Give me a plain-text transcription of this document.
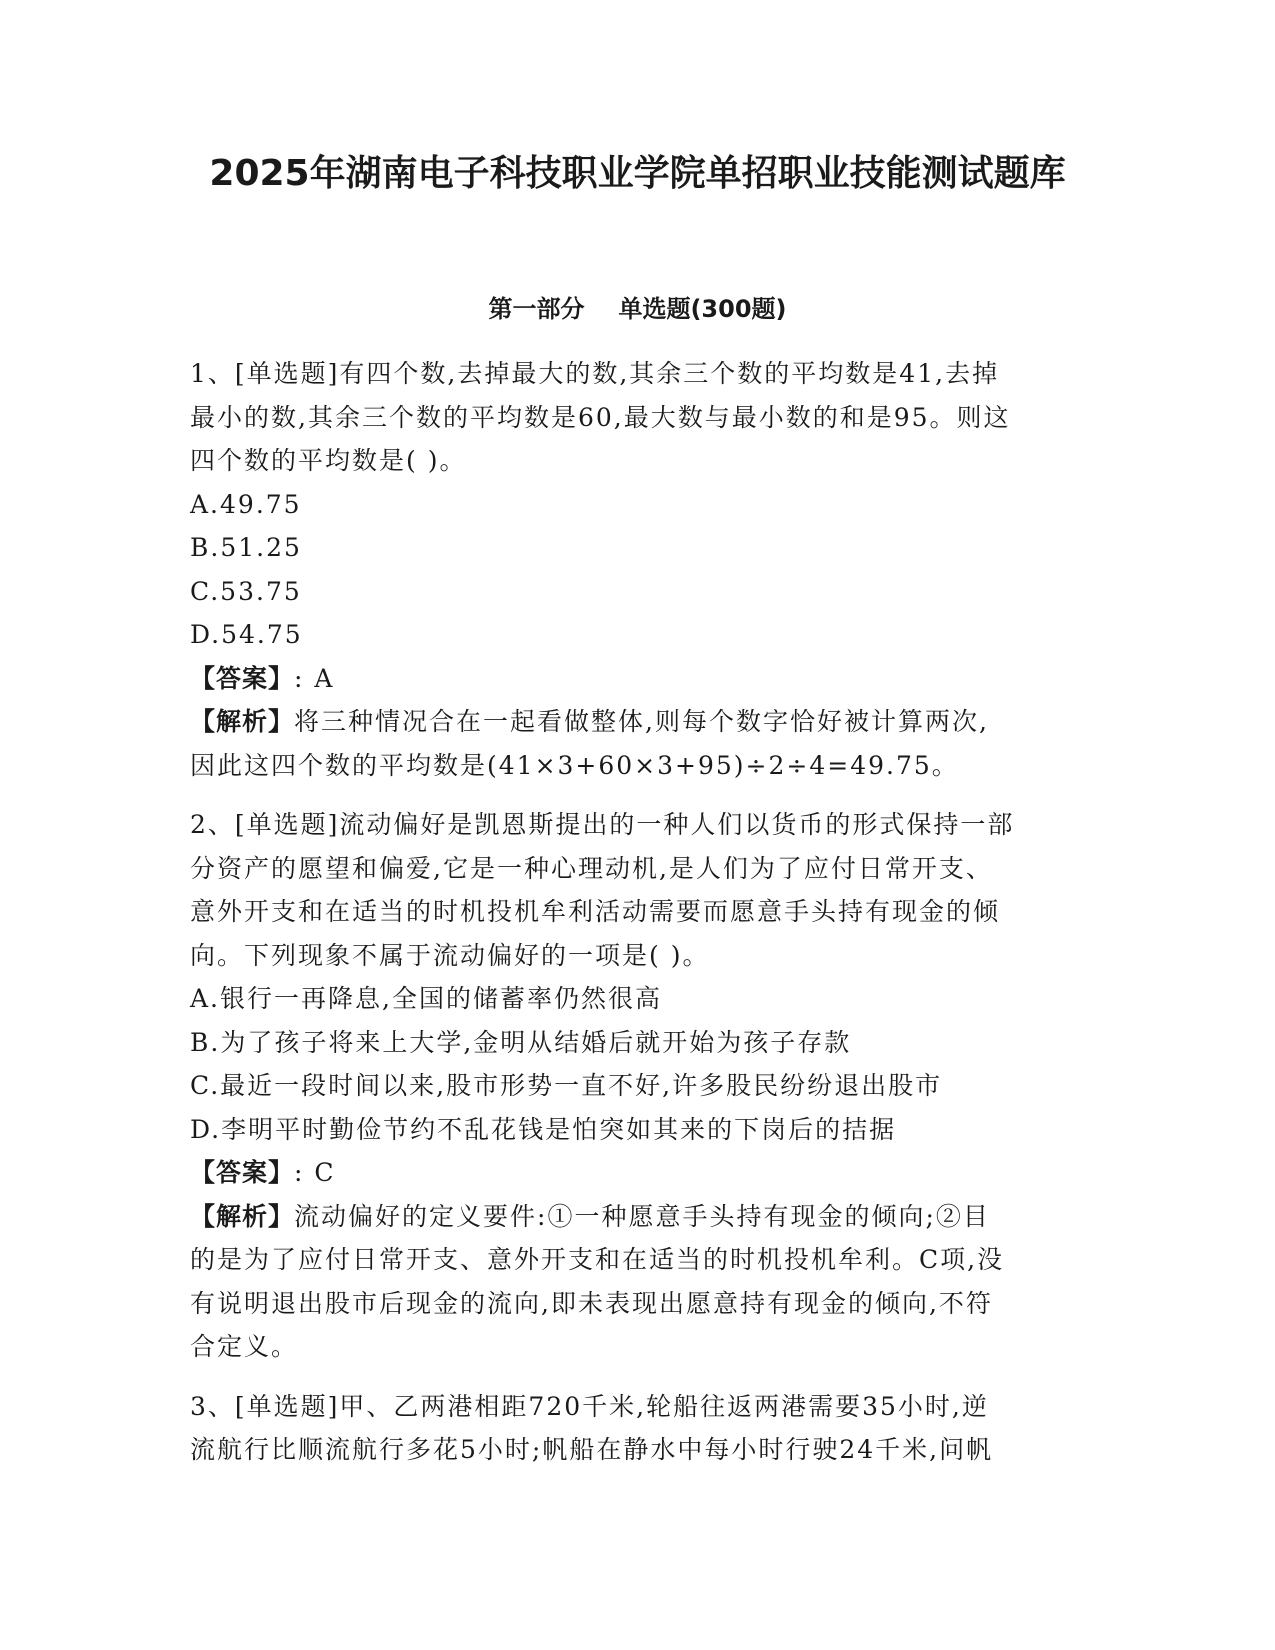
2025年湖南电子科技职业学院单招职业技能测试题库
第一部分 单选题(300题)
1、[单选题]有四个数,去掉最大的数,其余三个数的平均数是41,去掉
最小的数,其余三个数的平均数是60,最大数与最小数的和是95。则这
四个数的平均数是( )。
A.49.75
B.51.25
C.53.75
D.54.75
【答案】: A
【解析】将三种情况合在一起看做整体,则每个数字恰好被计算两次,
因此这四个数的平均数是(41×3+60×3+95)÷2÷4=49.75。
2、[单选题]流动偏好是凯恩斯提出的一种人们以货币的形式保持一部
分资产的愿望和偏爱,它是一种心理动机,是人们为了应付日常开支、
意外开支和在适当的时机投机牟利活动需要而愿意手头持有现金的倾
向。下列现象不属于流动偏好的一项是( )。
A.银行一再降息,全国的储蓄率仍然很高
B.为了孩子将来上大学,金明从结婚后就开始为孩子存款
C.最近一段时间以来,股市形势一直不好,许多股民纷纷退出股市
D.李明平时勤俭节约不乱花钱是怕突如其来的下岗后的拮据
【答案】: C
【解析】流动偏好的定义要件:①一种愿意手头持有现金的倾向;②目
的是为了应付日常开支、意外开支和在适当的时机投机牟利。C项,没
有说明退出股市后现金的流向,即未表现出愿意持有现金的倾向,不符
合定义。
3、[单选题]甲、乙两港相距720千米,轮船往返两港需要35小时,逆
流航行比顺流航行多花5小时;帆船在静水中每小时行驶24千米,问帆
